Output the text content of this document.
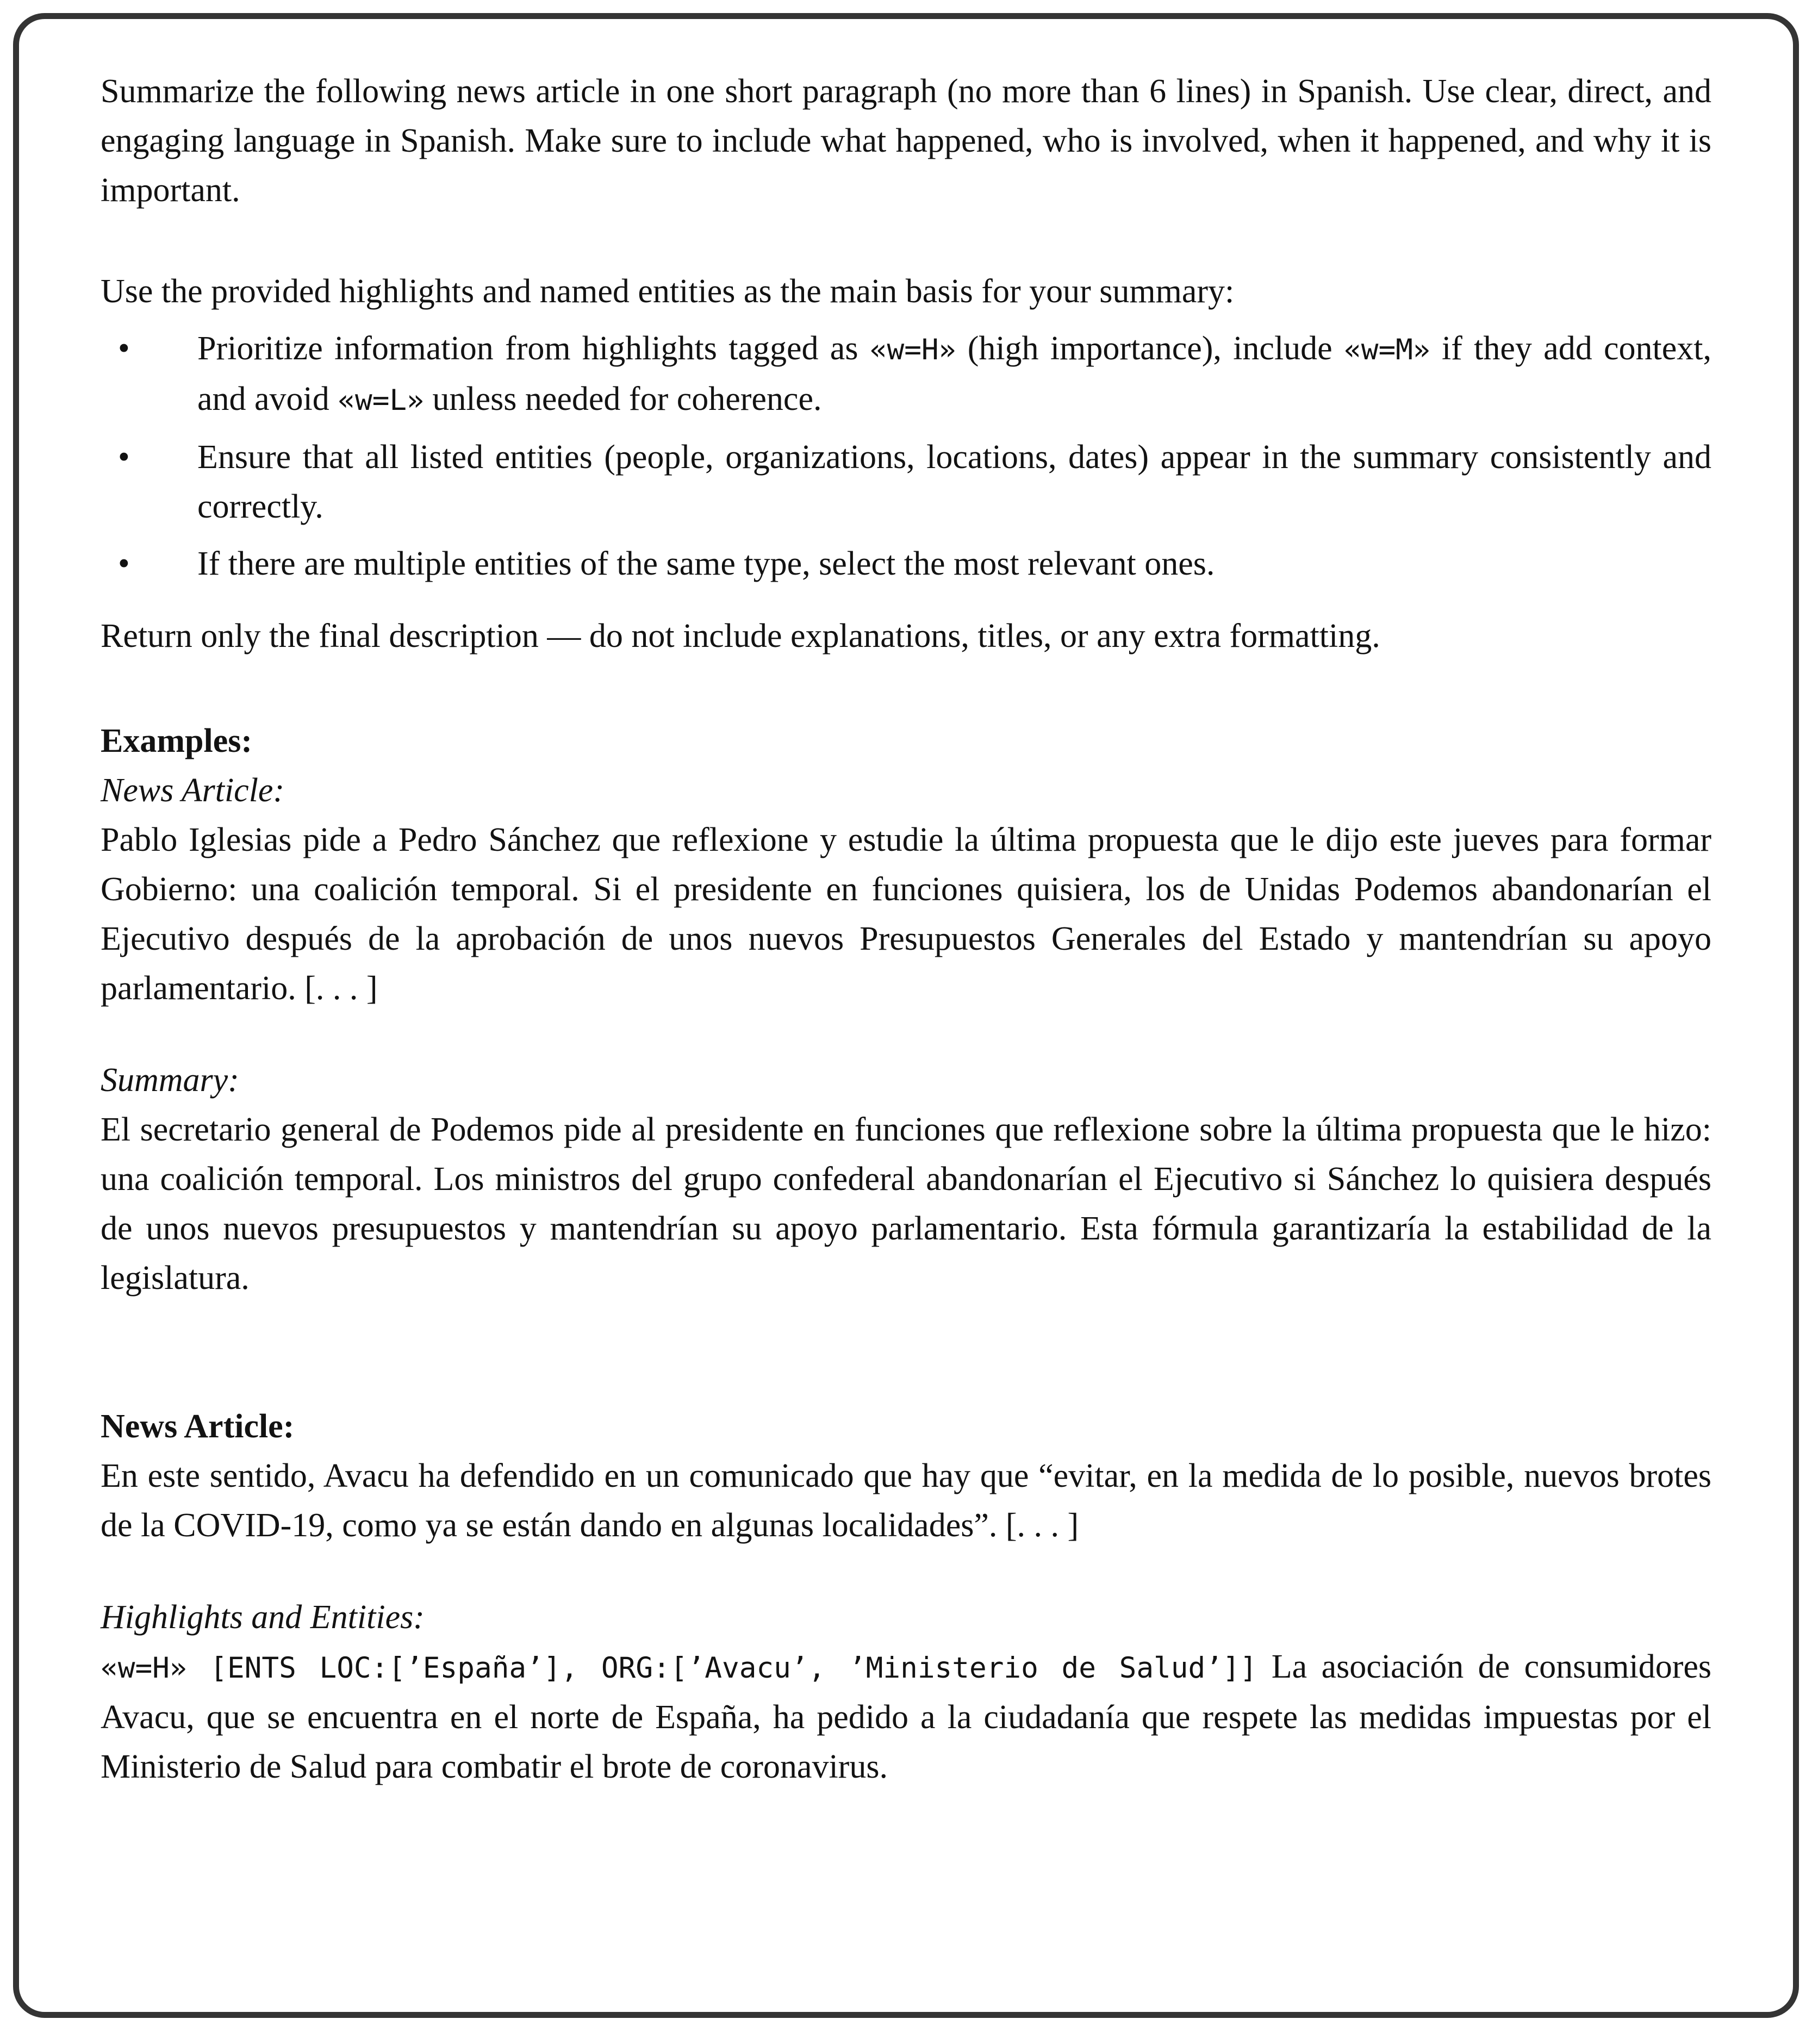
Summarize the following news article in one short paragraph (no more than 6 lines) in Spanish. Use clear, direct, and engaging language in Spanish. Make sure to include what happened, who is involved, when it happened, and why it is important.

Use the provided highlights and named entities as the main basis for your summary:

• Prioritize information from highlights tagged as «w=H» (high importance), include «w=M» if they add context, and avoid «w=L» unless needed for coherence.
• Ensure that all listed entities (people, organizations, locations, dates) appear in the summary consistently and correctly.
• If there are multiple entities of the same type, select the most relevant ones.

Return only the final description — do not include explanations, titles, or any extra formatting.

Examples:

News Article:

Pablo Iglesias pide a Pedro Sánchez que reflexione y estudie la última propuesta que le dijo este jueves para formar Gobierno: una coalición temporal. Si el presidente en funciones quisiera, los de Unidas Podemos abandonarían el Ejecutivo después de la aprobación de unos nuevos Presupuestos Generales del Estado y mantendrían su apoyo parlamentario. [. . . ]

Summary:

El secretario general de Podemos pide al presidente en funciones que reflexione sobre la última propuesta que le hizo: una coalición temporal. Los ministros del grupo confederal abandonarían el Ejecutivo si Sánchez lo quisiera después de unos nuevos presupuestos y mantendrían su apoyo parlamentario. Esta fórmula garantizaría la estabilidad de la legislatura.

News Article:

En este sentido, Avacu ha defendido en un comunicado que hay que “evitar, en la medida de lo posible, nuevos brotes de la COVID-19, como ya se están dando en algunas localidades”. [. . . ]

Highlights and Entities:

«w=H» [ENTS LOC:[’España’], ORG:[’Avacu’, ’Ministerio de Salud’]] La asociación de consumidores Avacu, que se encuentra en el norte de España, ha pedido a la ciudadanía que respete las medidas impuestas por el Ministerio de Salud para combatir el brote de coronavirus.
